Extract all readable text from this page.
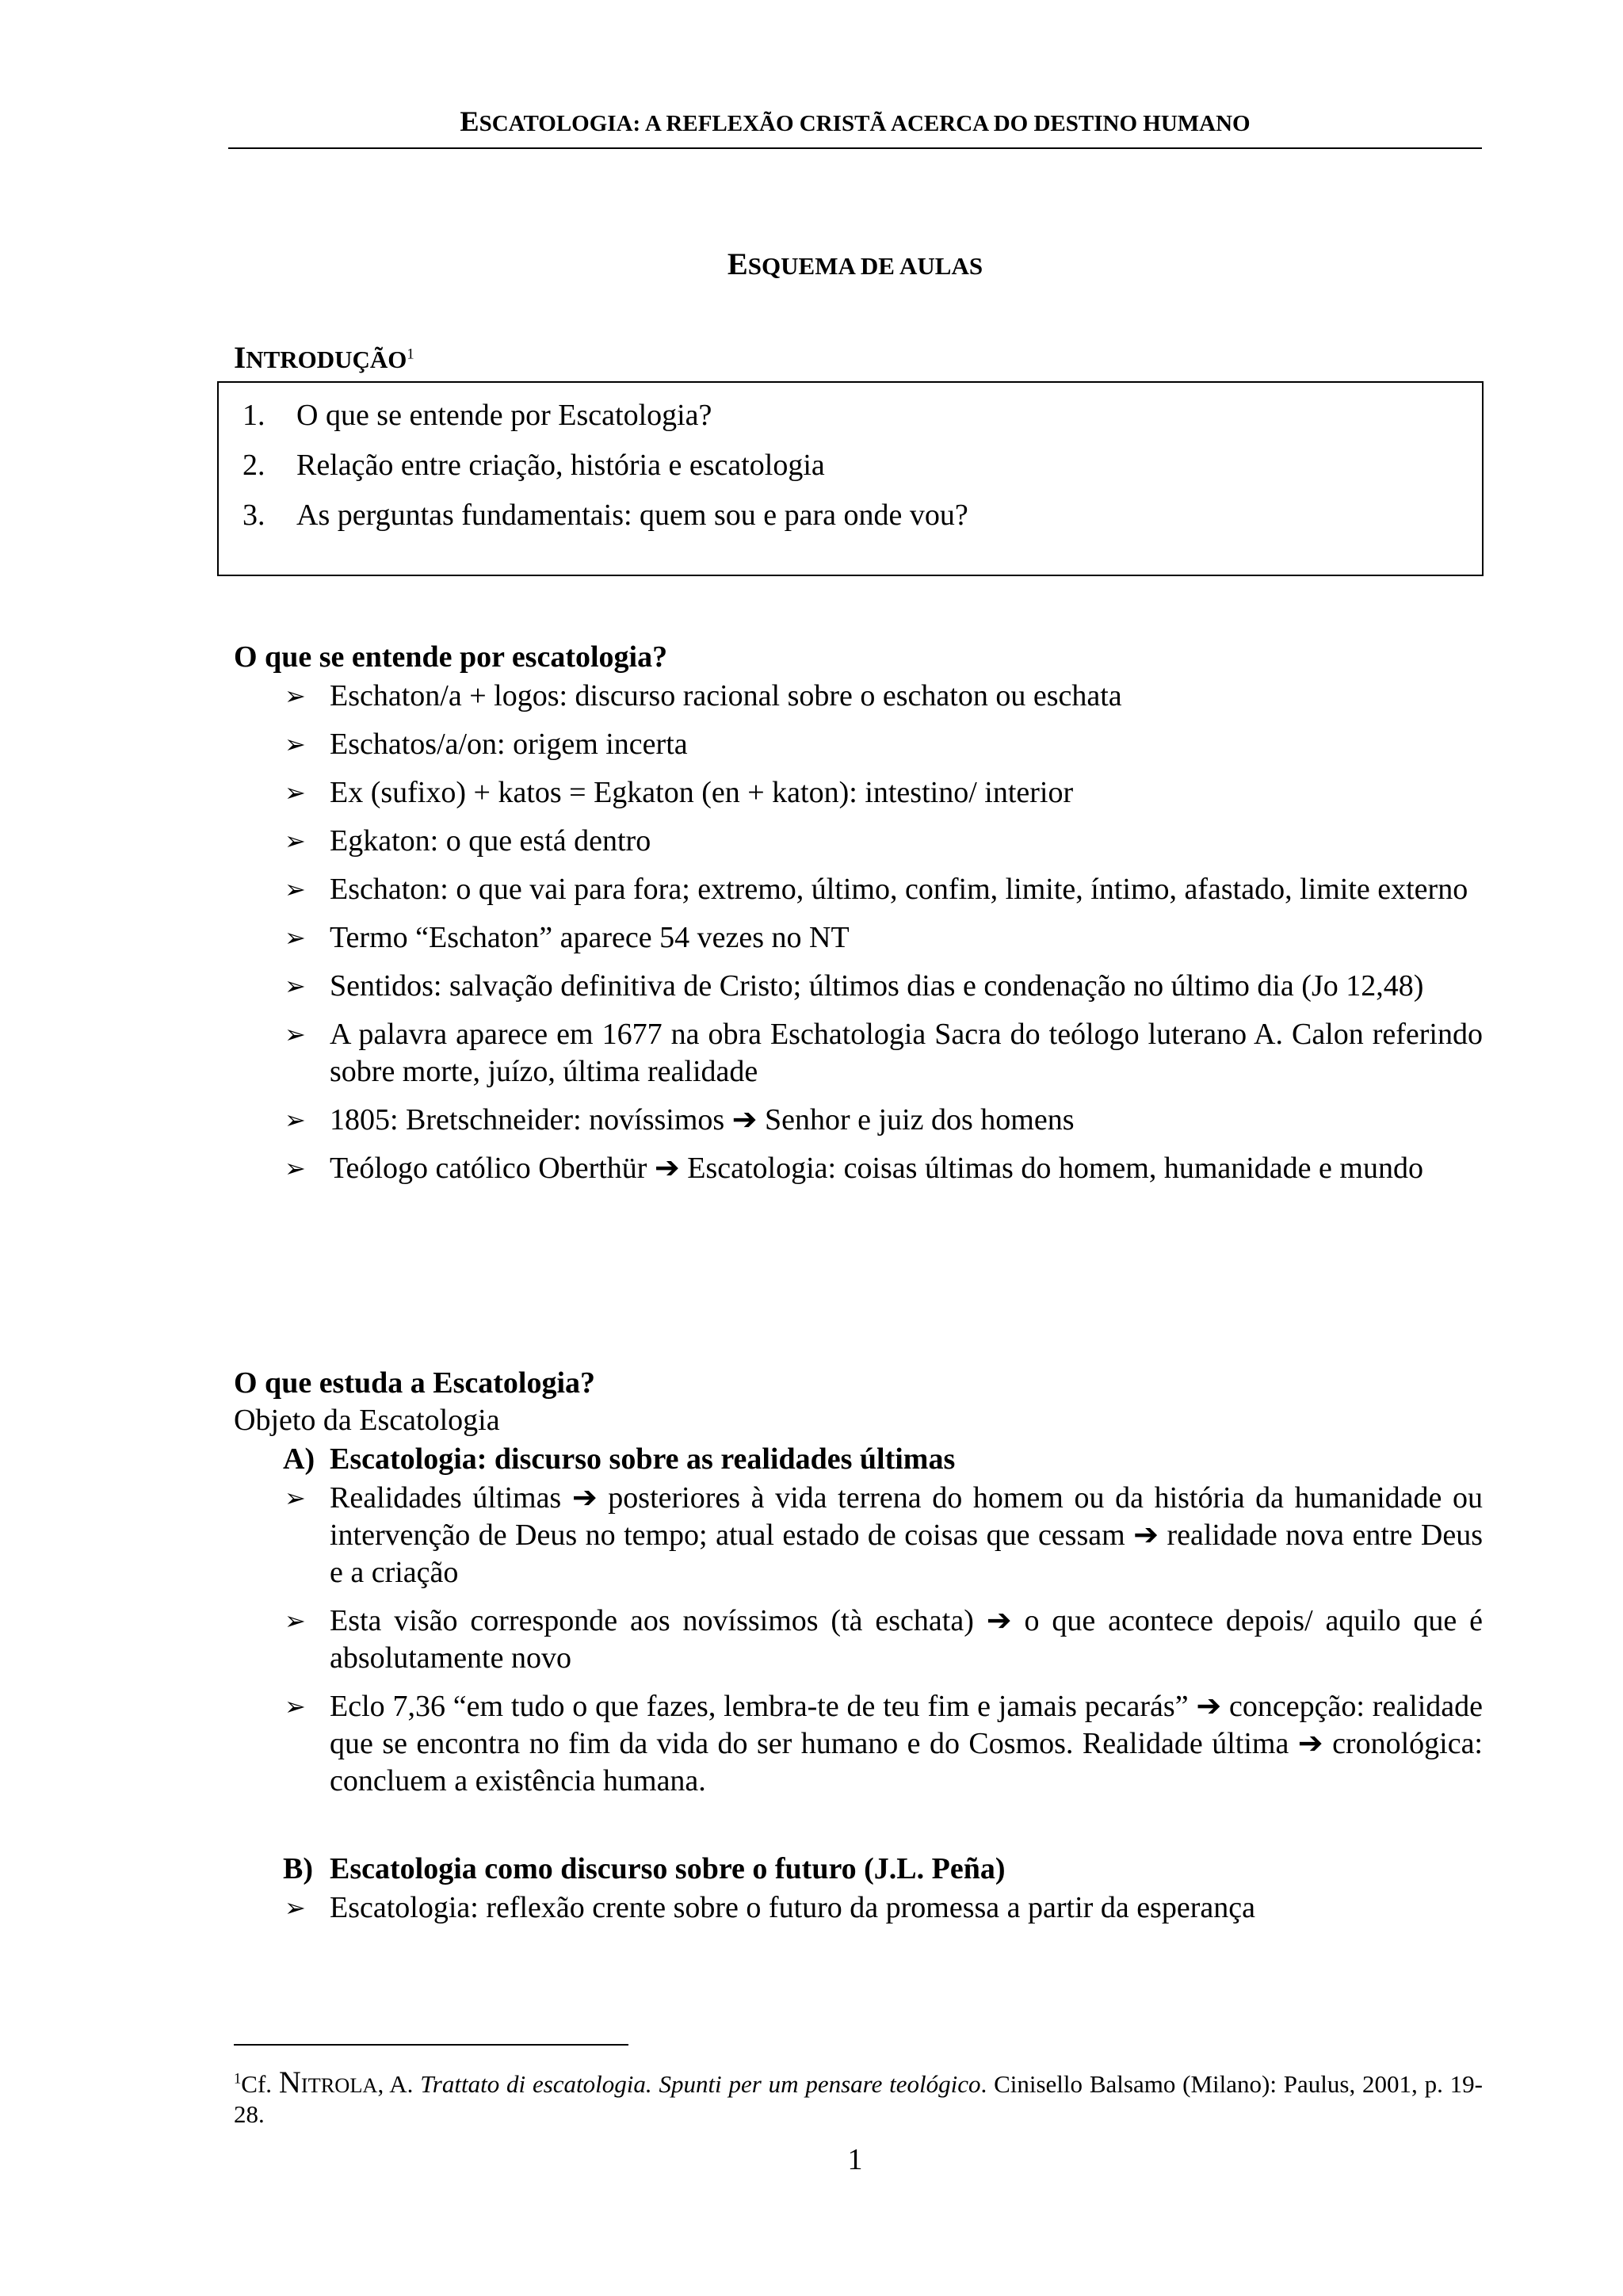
ESCATOLOGIA: A REFLEXÃO CRISTÃ ACERCA DO DESTINO HUMANO
ESQUEMA DE AULAS
INTRODUÇÃO$^1$
1. O que se entende por Escatologia?
2. Relação entre criação, história e escatologia
3. As perguntas fundamentais: quem sou e para onde vou?

O que se entende por escatologia?

➢ Eschaton/a + logos: discurso racional sobre o eschaton ou eschata
➢ Eschatos/a/on: origem incerta
➢ Ex (sufixo) + katos = Egkaton (en + katon): intestino/ interior
➢ Egkaton: o que está dentro
➢ Eschaton: o que vai para fora; extremo, último, confim, limite, íntimo, afastado, limite externo
➢ Termo “Eschaton” aparece 54 vezes no NT
➢ Sentidos: salvação definitiva de Cristo; últimos dias e condenação no último dia (Jo 12,48)
➢ A palavra aparece em 1677 na obra Eschatologia Sacra do teólogo luterano A. Calon referindo sobre morte, juízo, última realidade
➢ 1805: Bretschneider: novíssimos ➔ Senhor e juiz dos homens
➢ Teólogo católico Oberthür ➔ Escatologia: coisas últimas do homem, humanidade e mundo

O que estuda a Escatologia?

Objeto da Escatologia

A) Escatologia: discurso sobre as realidades últimas
➢ Realidades últimas ➔ posteriores à vida terrena do homem ou da história da humanidade ou intervenção de Deus no tempo; atual estado de coisas que cessam ➔ realidade nova entre Deus e a criação
➢ Esta visão corresponde aos novíssimos (tà eschata) ➔ o que acontece depois/ aquilo que é absolutamente novo
➢ Eclo 7,36 “em tudo o que fazes, lembra-te de teu fim e jamais pecarás” ➔ concepção: realidade que se encontra no fim da vida do ser humano e do Cosmos. Realidade última ➔ cronológica: concluem a existência humana.
B) Escatologia como discurso sobre o futuro (J.L. Peña)
➢ Escatologia: reflexão crente sobre o futuro da promessa a partir da esperança
$^1$Cf. NITROLA, A. Trattato di escatologia. Spunti per um pensare teológico. Cinisello Balsamo (Milano): Paulus, 2001, p. 19-28.
1
